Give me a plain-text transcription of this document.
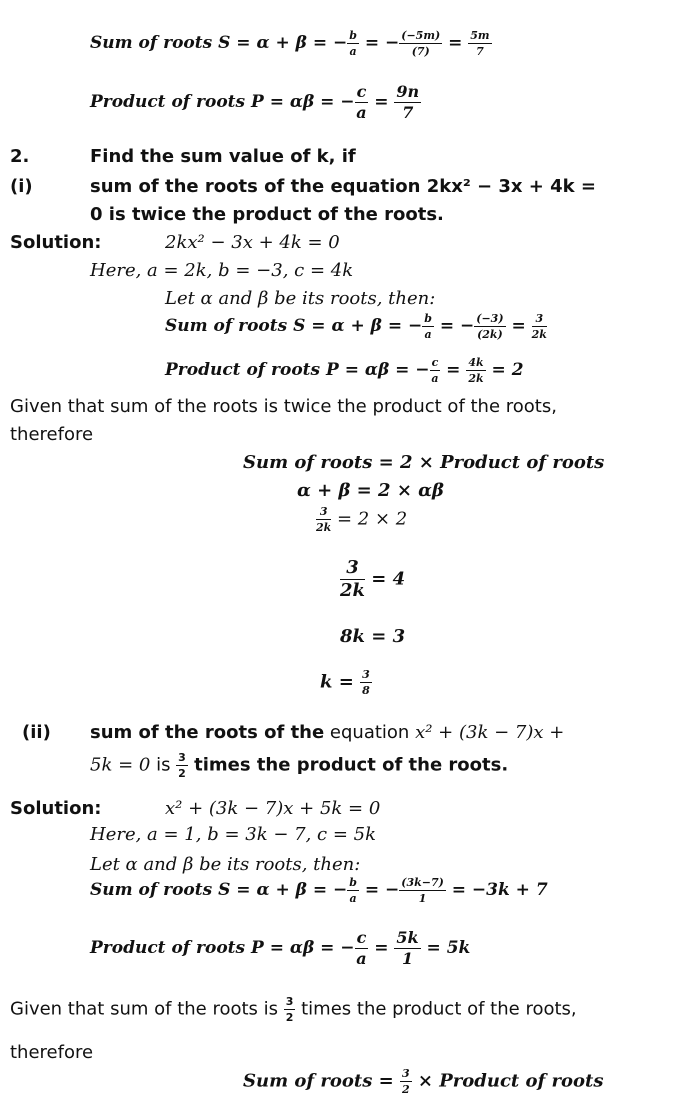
Sum of roots S = α + β = − $\frac{b}{a}$ = − $\frac{(-5m)}{(7)} = \frac{5m}{7}$
Product of roots P = αβ = − $\frac{c}{a} = \frac{9n}{7}$
2.	Find the sum value of k, if
(i)	sum of the roots of the equation 2kx² − 3x + 4k =
0 is twice the product of the roots.
Solution:	2kx² − 3x + 4k = 0
Here, a = 2k, b = −3, c = 4k
Let α and β be its roots, then:
Sum of roots S = α + β = − $\frac{b}{a}$ = − $\frac{(-3)}{(2k)} = \frac{3}{2k}$
Product of roots P = αβ = − $\frac{c}{a} = \frac{4k}{2k} = 2$
Given that sum of the roots is twice the product of the roots,
therefore
Sum of roots = 2 × Product of roots
α + β = 2 × αβ
$\frac{3}{2k} = 2 \times 2$
$\frac{3}{2k} = 4$
8k = 3
$k = \frac{3}{8}$
(ii) sum of the roots of the equation x² + (3k − 7)x +
5k = 0 is $\frac{3}{2}$ times the product of the roots.
Solution:	x² + (3k − 7)x + 5k = 0
Here, a = 1, b = 3k − 7, c = 5k
Let α and β be its roots, then:
Sum of roots S = α + β = − $\frac{b}{a}$ = − $\frac{(3k-7)}{1} = -3k + 7$
Product of roots P = αβ = − $\frac{c}{a} = \frac{5k}{1} = 5k$
Given that sum of the roots is $\frac{3}{2}$ times the product of the roots,
therefore
Sum of roots = $\frac{3}{2}$ × Product of roots
